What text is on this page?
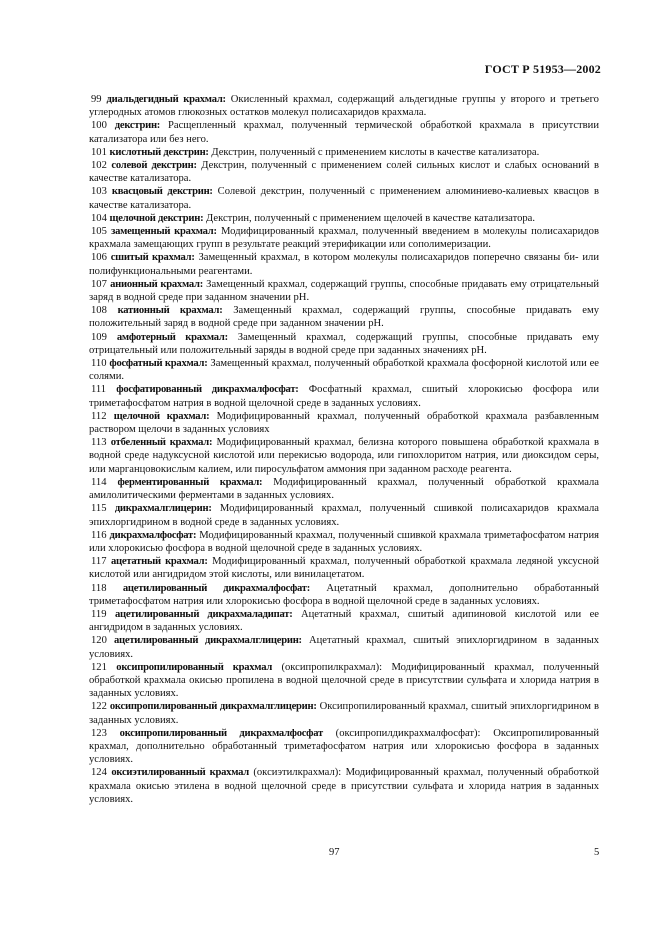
ГОСТ Р 51953—2002

99 диальдегидный крахмал: Окисленный крахмал, содержащий альдегидные группы у второго и третьего углеродных атомов глюкозных остатков молекул полисахаридов крахмала.

100 декстрин: Расщепленный крахмал, полученный термической обработкой крахмала в присутствии катализатора или без него.

101 кислотный декстрин: Декстрин, полученный с применением кислоты в качестве катализатора.

102 солевой декстрин: Декстрин, полученный с применением солей сильных кислот и слабых оснований в качестве катализатора.

103 квасцовый декстрин: Солевой декстрин, полученный с применением алюминиево-калиевых квасцов в качестве катализатора.

104 щелочной декстрин: Декстрин, полученный с применением щелочей в качестве катализатора.

105 замещенный крахмал: Модифицированный крахмал, полученный введением в молекулы полисахаридов крахмала замещающих групп в результате реакций этерификации или сополимеризации.

106 сшитый крахмал: Замещенный крахмал, в котором молекулы полисахаридов поперечно связаны би- или полифункциональными реагентами.

107 анионный крахмал: Замещенный крахмал, содержащий группы, способные придавать ему отрицательный заряд в водной среде при заданном значении рН.

108 катионный крахмал: Замещенный крахмал, содержащий группы, способные придавать ему положительный заряд в водной среде при заданном значении рН.

109 амфотерный крахмал: Замещенный крахмал, содержащий группы, способные придавать ему отрицательный или положительный заряды в водной среде при заданных значениях рН.

110 фосфатный крахмал: Замещенный крахмал, полученный обработкой крахмала фосфорной кислотой или ее солями.

111 фосфатированный дикрахмалфосфат: Фосфатный крахмал, сшитый хлорокисью фосфора или триметафосфатом натрия в водной щелочной среде в заданных условиях.

112 щелочной крахмал: Модифицированный крахмал, полученный обработкой крахмала разбавленным раствором щелочи в заданных условиях

113 отбеленный крахмал: Модифицированный крахмал, белизна которого повышена обработкой крахмала в водной среде надуксусной кислотой или перекисью водорода, или гипохлоритом натрия, или диоксидом серы, или марганцовокислым калием, или пиросульфатом аммония при заданном расходе реагента.

114 ферментированный крахмал: Модифицированный крахмал, полученный обработкой крахмала амилолитическими ферментами в заданных условиях.

115 дикрахмалглицерин: Модифицированный крахмал, полученный сшивкой полисахаридов крахмала эпихлоргидрином в водной среде в заданных условиях.

116 дикрахмалфосфат: Модифицированный крахмал, полученный сшивкой крахмала триметафосфатом натрия или хлорокисью фосфора в водной щелочной среде в заданных условиях.

117 ацетатный крахмал: Модифицированный крахмал, полученный обработкой крахмала ледяной уксусной кислотой или ангидридом этой кислоты, или винилацетатом.

118 ацетилированный дикрахмалфосфат: Ацетатный крахмал, дополнительно обработанный триметафосфатом натрия или хлорокисью фосфора в водной щелочной среде в заданных условиях.

119 ацетилированный дикрахмаладипат: Ацетатный крахмал, сшитый адипиновой кислотой или ее ангидридом в заданных условиях.

120 ацетилированный дикрахмалглицерин: Ацетатный крахмал, сшитый эпихлоргидрином в заданных условиях.

121 оксипропилированный крахмал (оксипропилкрахмал): Модифицированный крахмал, полученный обработкой крахмала окисью пропилена в водной щелочной среде в присутствии сульфата и хлорида натрия в заданных условиях.

122 оксипропилированный дикрахмалглицерин: Оксипропилированный крахмал, сшитый эпихлоргидрином в заданных условиях.

123 оксипропилированный дикрахмалфосфат (оксипропилдикрахмалфосфат): Оксипропилированный крахмал, дополнительно обработанный триметафосфатом натрия или хлорокисью фосфора в заданных условиях.

124 оксиэтилированный крахмал (оксиэтилкрахмал): Модифицированный крахмал, полученный обработкой крахмала окисью этилена в водной щелочной среде в присутствии сульфата и хлорида натрия в заданных условиях.

97	5
